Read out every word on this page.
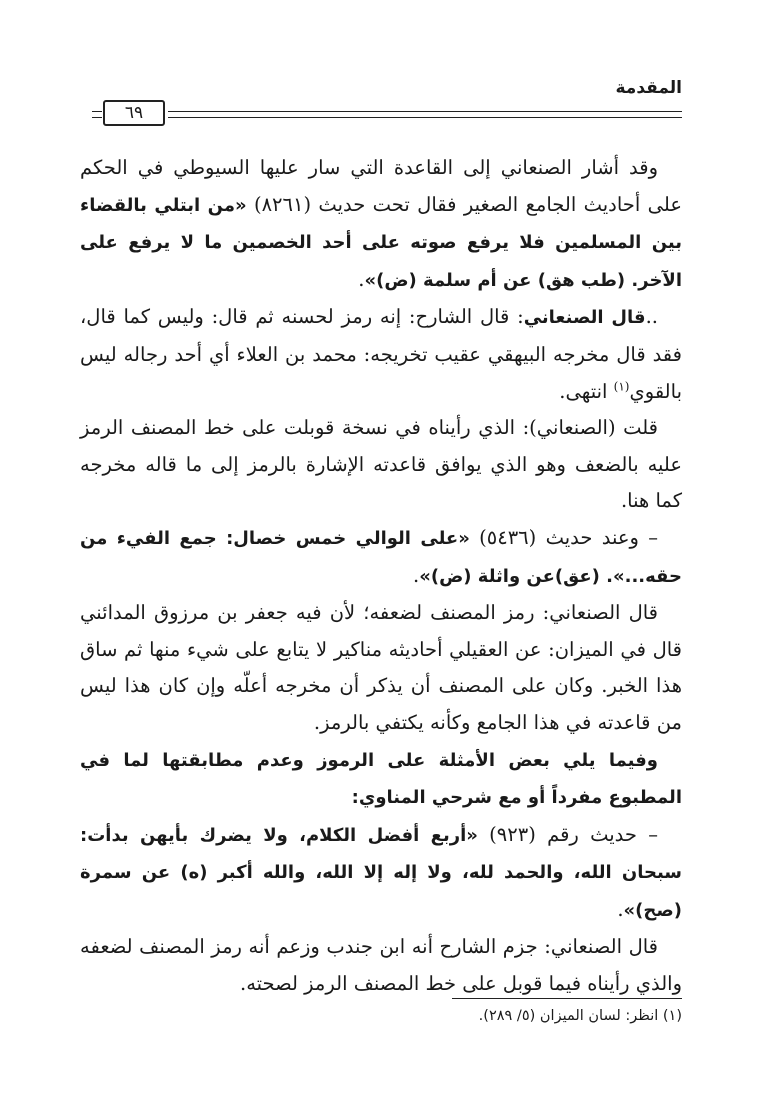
المقدمة
٦٩

وقد أشار الصنعاني إلى القاعدة التي سار عليها السيوطي في الحكم على أحاديث الجامع الصغير فقال تحت حديث (٨٢٦١) «من ابتلي بالقضاء بين المسلمين فلا يرفع صوته على أحد الخصمين ما لا يرفع على الآخر. (طب هق) عن أم سلمة (ض)».

..قال الصنعاني: قال الشارح: إنه رمز لحسنه ثم قال: وليس كما قال، فقد قال مخرجه البيهقي عقيب تخريجه: محمد بن العلاء أي أحد رجاله ليس بالقوي$^{(١)}$ انتهى.

قلت (الصنعاني): الذي رأيناه في نسخة قوبلت على خط المصنف الرمز عليه بالضعف وهو الذي يوافق قاعدته الإشارة بالرمز إلى ما قاله مخرجه كما هنا.

– وعند حديث (٥٤٣٦) «على الوالي خمس خصال: جمع الفيء من حقه...». (عق)عن واثلة (ض)».

قال الصنعاني: رمز المصنف لضعفه؛ لأن فيه جعفر بن مرزوق المدائني قال في الميزان: عن العقيلي أحاديثه مناكير لا يتابع على شيء منها ثم ساق هذا الخبر. وكان على المصنف أن يذكر أن مخرجه أعلّه وإن كان هذا ليس من قاعدته في هذا الجامع وكأنه يكتفي بالرمز.

وفيما يلي بعض الأمثلة على الرموز وعدم مطابقتها لما في المطبوع مفرداً أو مع شرحي المناوي:

– حديث رقم (٩٢٣) «أربع أفضل الكلام، ولا يضرك بأيهن بدأت: سبحان الله، والحمد لله، ولا إله إلا الله، والله أكبر (ه) عن سمرة (صح)».

قال الصنعاني: جزم الشارح أنه ابن جندب وزعم أنه رمز المصنف لضعفه والذي رأيناه فيما قوبل على خط المصنف الرمز لصحته.

(١) انظر: لسان الميزان (٥/ ٢٨٩).
